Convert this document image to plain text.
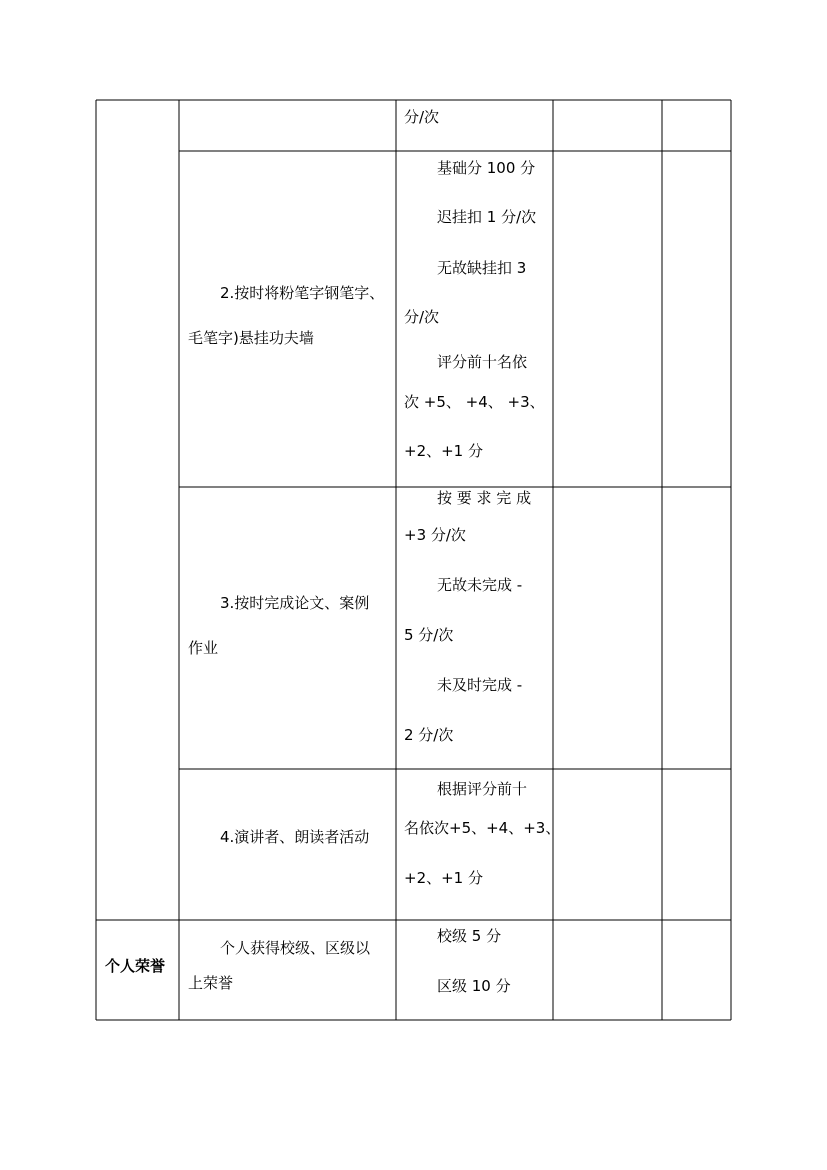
分/次
2.按时将粉笔字钢笔字、
毛笔字)悬挂功夫墙
基础分 100 分
迟挂扣 1 分/次
无故缺挂扣 3
分/次
评分前十名依
次 +5、 +4、 +3、
+2、+1 分
3.按时完成论文、案例
作业
按 要 求 完 成
+3 分/次
无故未完成 -
5 分/次
未及时完成 -
2 分/次
4.演讲者、朗读者活动
根据评分前十
名依次+5、+4、+3、
+2、+1 分
个人荣誉
个人获得校级、区级以
上荣誉
校级 5 分
区级 10 分
